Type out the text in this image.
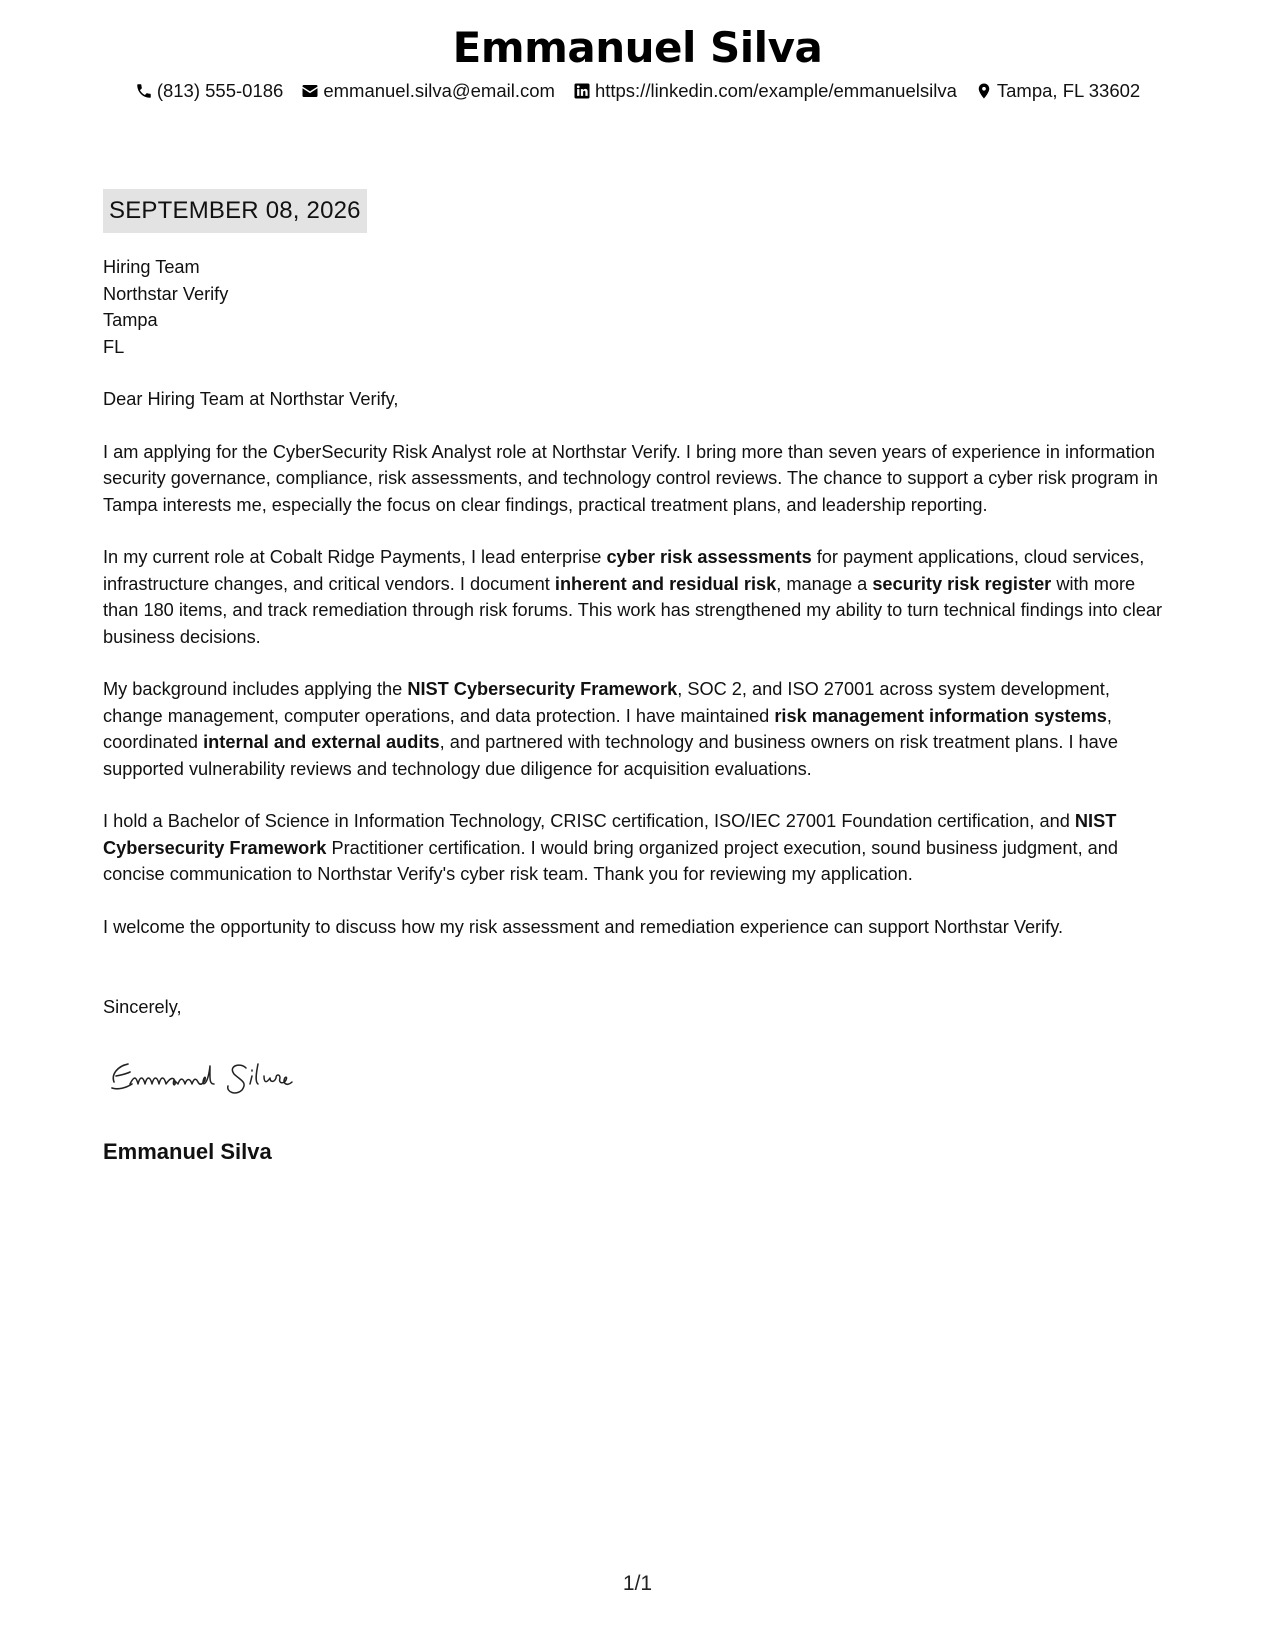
Emmanuel Silva
(813) 555-0186 emmanuel.silva@email.com https://linkedin.com/example/emmanuelsilva Tampa, FL 33602
SEPTEMBER 08, 2026
Hiring Team
Northstar Verify
Tampa
FL

Dear Hiring Team at Northstar Verify,

I am applying for the CyberSecurity Risk Analyst role at Northstar Verify. I bring more than seven years of experience in information security governance, compliance, risk assessments, and technology control reviews. The chance to support a cyber risk program in Tampa interests me, especially the focus on clear findings, practical treatment plans, and leadership reporting.

In my current role at Cobalt Ridge Payments, I lead enterprise cyber risk assessments for payment applications, cloud services, infrastructure changes, and critical vendors. I document inherent and residual risk, manage a security risk register with more than 180 items, and track remediation through risk forums. This work has strengthened my ability to turn technical findings into clear business decisions.

My background includes applying the NIST Cybersecurity Framework, SOC 2, and ISO 27001 across system development, change management, computer operations, and data protection. I have maintained risk management information systems, coordinated internal and external audits, and partnered with technology and business owners on risk treatment plans. I have supported vulnerability reviews and technology due diligence for acquisition evaluations.

I hold a Bachelor of Science in Information Technology, CRISC certification, ISO/IEC 27001 Foundation certification, and NIST Cybersecurity Framework Practitioner certification. I would bring organized project execution, sound business judgment, and concise communication to Northstar Verify's cyber risk team. Thank you for reviewing my application.

I welcome the opportunity to discuss how my risk assessment and remediation experience can support Northstar Verify.

Sincerely,
Emmanuel Silva
1/1
